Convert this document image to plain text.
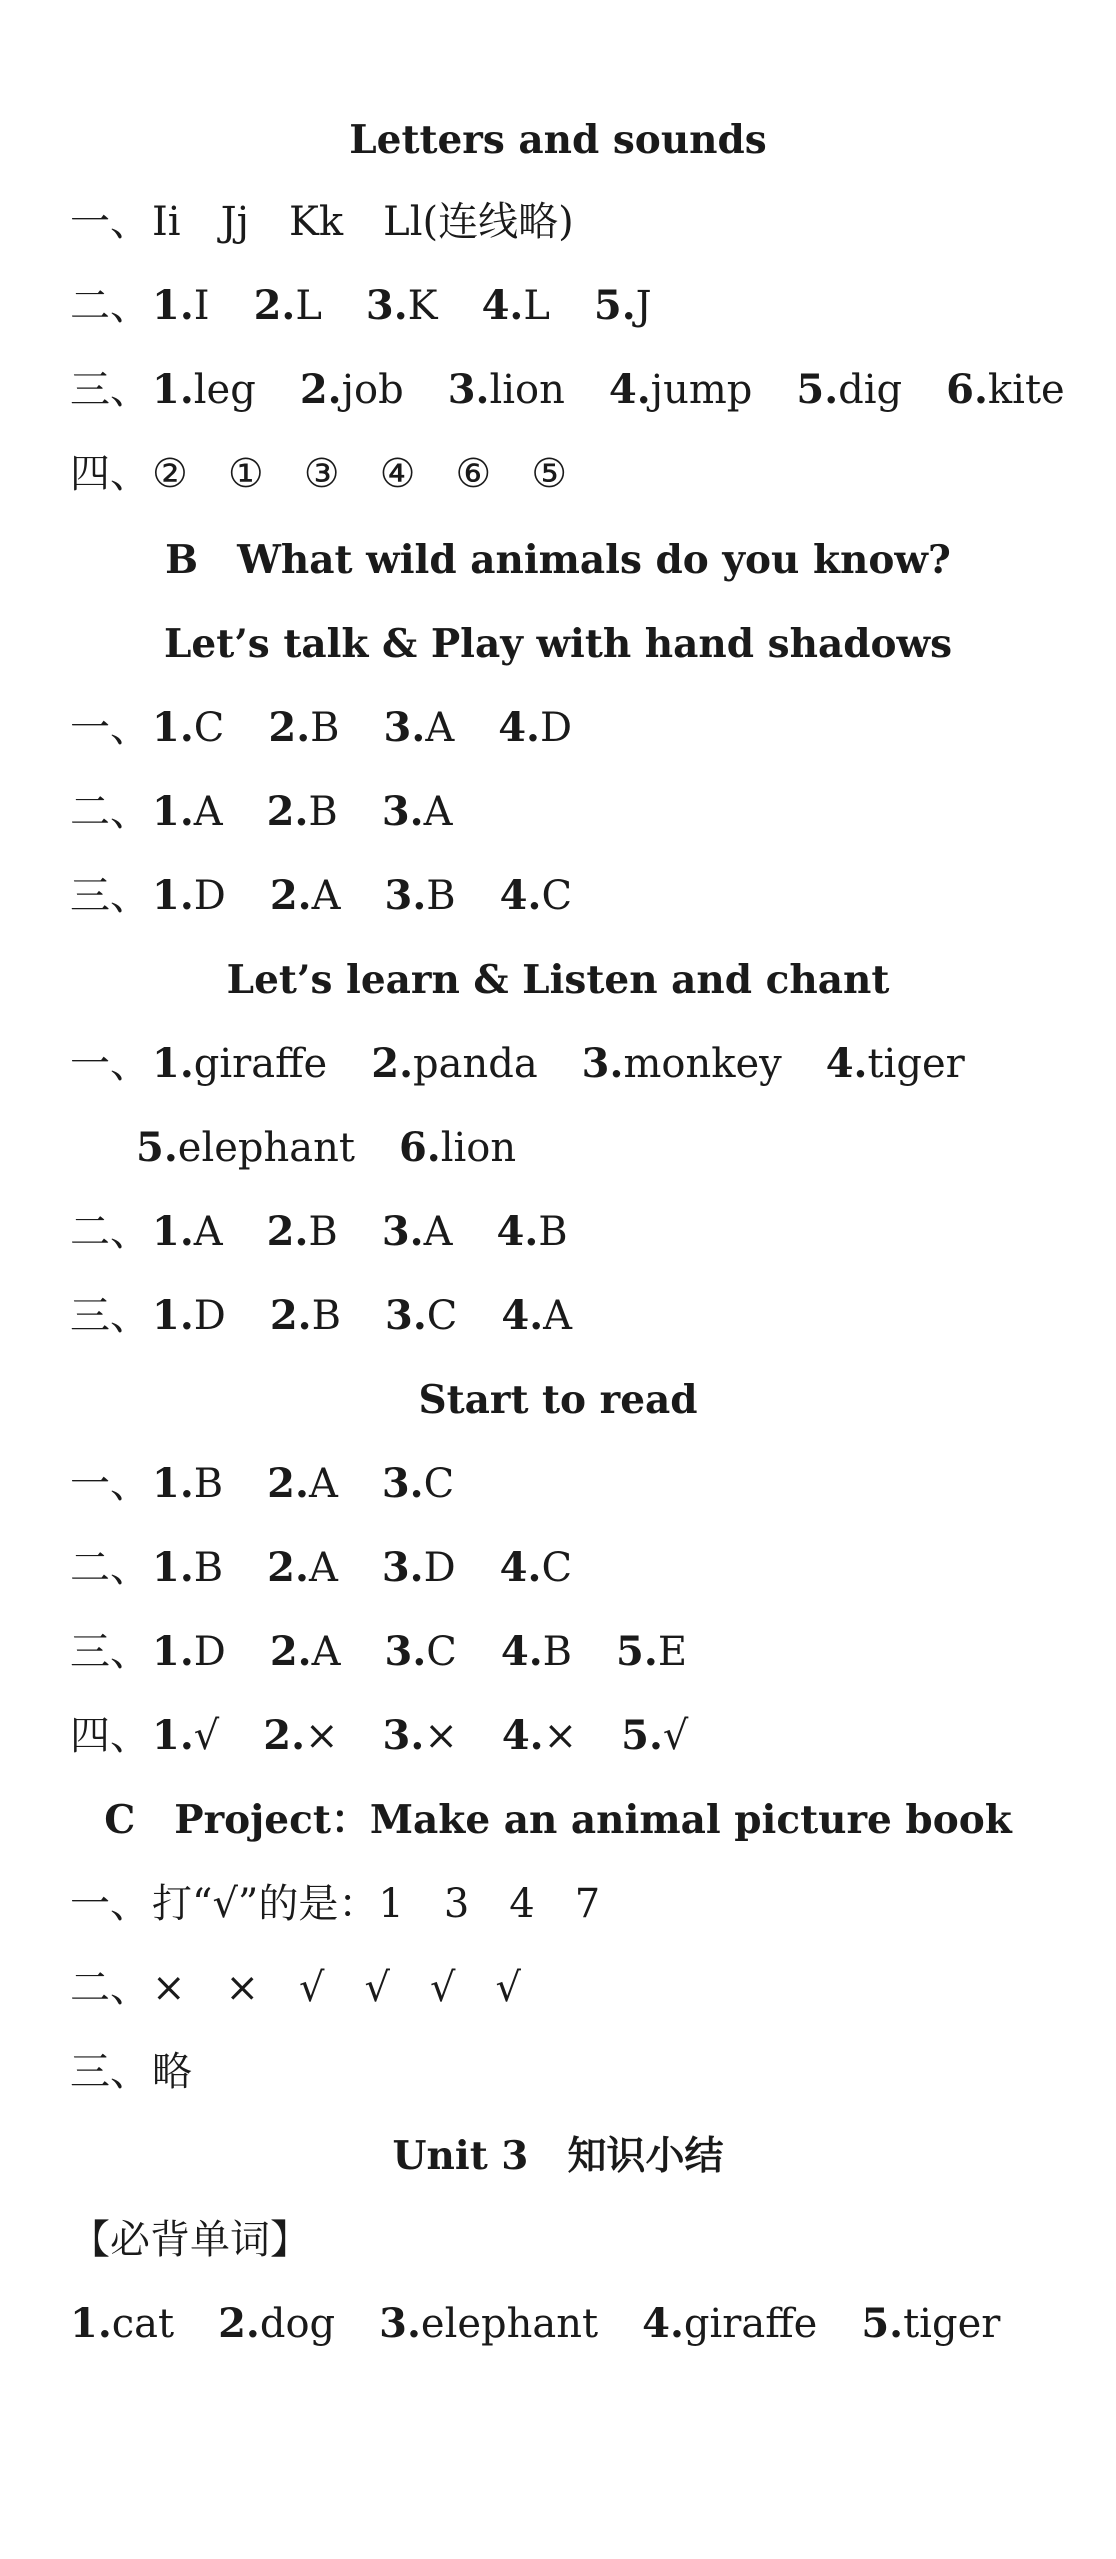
Letters and sounds
一、Ii　Jj　Kk　Ll(连线略)
二、1.I 2.L 3.K 4.L 5.J
三、1.leg 2.job 3.lion 4.jump 5.dig 6.kite
四、②　①　③　④　⑥　⑤
B　What wild animals do you know?
Let’s talk & Play with hand shadows
一、1.C 2.B 3.A 4.D
二、1.A 2.B 3.A
三、1.D 2.A 3.B 4.C
Let’s learn & Listen and chant
一、1.giraffe 2.panda 3.monkey 4.tiger
5.elephant 6.lion
二、1.A 2.B 3.A 4.B
三、1.D 2.B 3.C 4.A
Start to read
一、1.B 2.A 3.C
二、1.B 2.A 3.D 4.C
三、1.D 2.A 3.C 4.B 5.E
四、1.√ 2.× 3.× 4.× 5.√
C　Project：Make an animal picture book
一、打“√”的是：1　3　4　7
二、×　×　√　√　√　√
三、略
Unit 3　知识小结
【必背单词】
1.cat 2.dog 3.elephant 4.giraffe 5.tiger
